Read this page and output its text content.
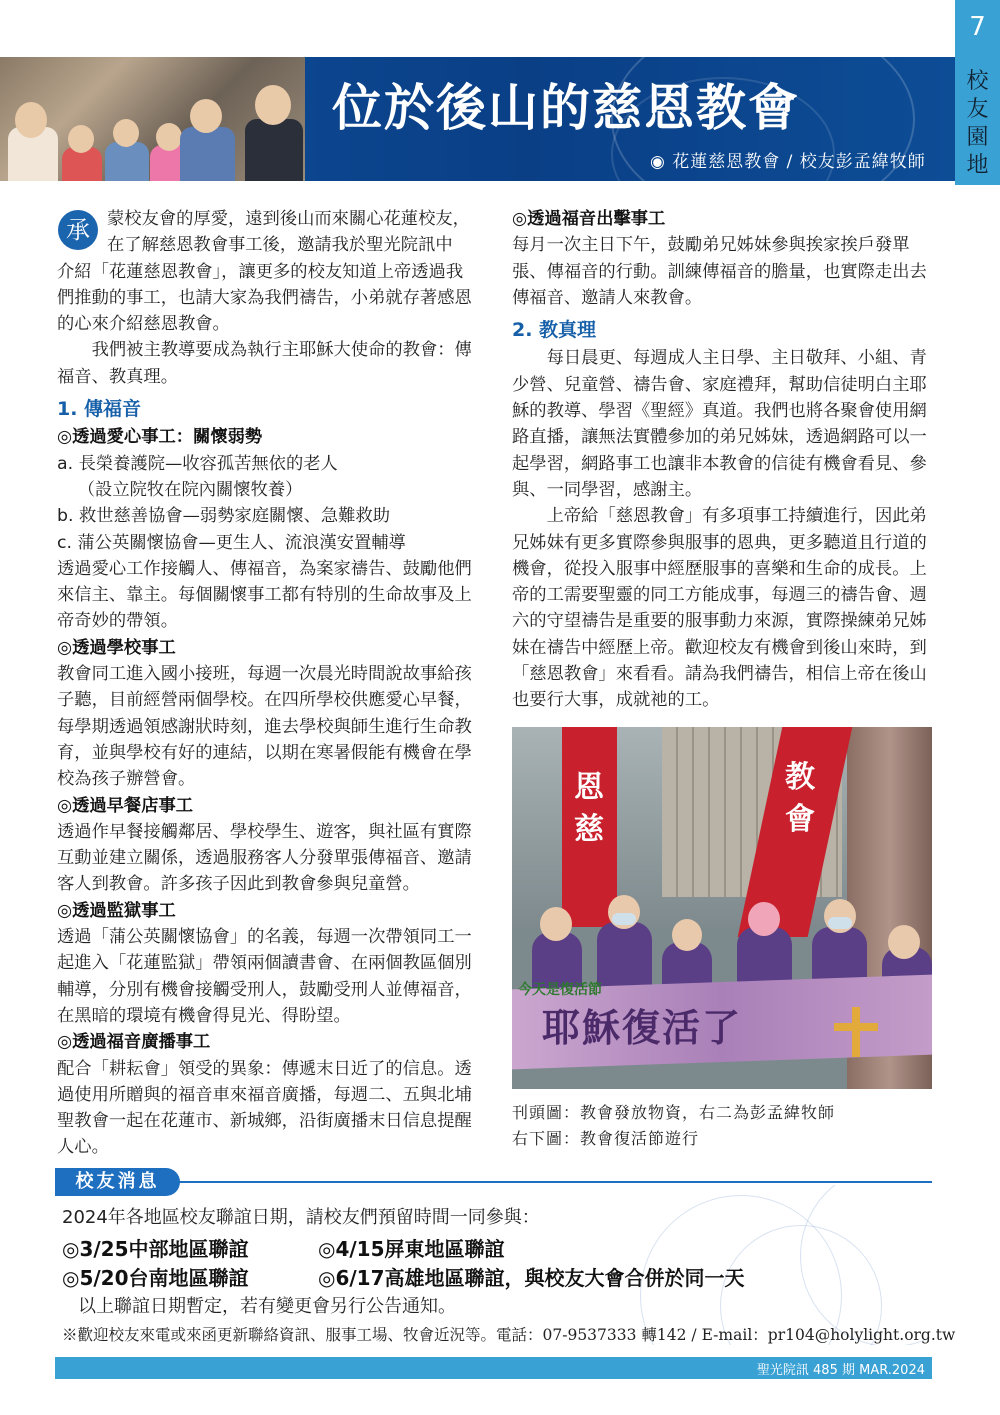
位於後山的慈恩教會
◉ 花蓮慈恩教會 / 校友彭孟緯牧師
7
校
友
園
地
承 蒙校友會的厚愛，遠到後山而來關心花蓮校友，

在了解慈恩教會事工後，邀請我於聖光院訊中

介紹「花蓮慈恩教會」，讓更多的校友知道上帝透過我們推動的事工，也請大家為我們禱告，小弟就存著感恩的心來介紹慈恩教會。

我們被主教導要成為執行主耶穌大使命的教會：傳福音、教真理。

1. 傳福音

◎透過愛心事工：關懷弱勢

a. 長榮養護院—收容孤苦無依的老人

（設立院牧在院內關懷牧養）

b. 救世慈善協會—弱勢家庭關懷、急難救助

c. 蒲公英關懷協會—更生人、流浪漢安置輔導

透過愛心工作接觸人、傳福音，為案家禱告、鼓勵他們來信主、靠主。每個關懷事工都有特別的生命故事及上帝奇妙的帶領。

◎透過學校事工

教會同工進入國小接班，每週一次晨光時間說故事給孩子聽，目前經營兩個學校。在四所學校供應愛心早餐，每學期透過領感謝狀時刻，進去學校與師生進行生命教育，並與學校有好的連結，以期在寒暑假能有機會在學校為孩子辦營會。

◎透過早餐店事工

透過作早餐接觸鄰居、學校學生、遊客，與社區有實際互動並建立關係，透過服務客人分發單張傳福音、邀請客人到教會。許多孩子因此到教會參與兒童營。

◎透過監獄事工

透過「蒲公英關懷協會」的名義，每週一次帶領同工一起進入「花蓮監獄」帶領兩個讀書會、在兩個教區個別輔導，分別有機會接觸受刑人，鼓勵受刑人並傳福音，在黑暗的環境有機會得見光、得盼望。

◎透過福音廣播事工

配合「耕耘會」領受的異象：傳遞末日近了的信息。透過使用所贈與的福音車來福音廣播，每週二、五與北埔聖教會一起在花蓮市、新城鄉，沿街廣播末日信息提醒人心。

◎透過福音出擊事工

每月一次主日下午，鼓勵弟兄姊妹參與挨家挨戶發單張、傳福音的行動。訓練傳福音的膽量，也實際走出去傳福音、邀請人來教會。

2. 教真理

每日晨更、每週成人主日學、主日敬拜、小組、青少營、兒童營、禱告會、家庭禮拜，幫助信徒明白主耶穌的教導、學習《聖經》真道。我們也將各聚會使用網路直播，讓無法實體參加的弟兄姊妹，透過網路可以一起學習，網路事工也讓非本教會的信徒有機會看見、參與、一同學習，感謝主。

上帝給「慈恩教會」有多項事工持續進行，因此弟兄姊妹有更多實際參與服事的恩典，更多聽道且行道的機會，從投入服事中經歷服事的喜樂和生命的成長。上帝的工需要聖靈的同工方能成事，每週三的禱告會、週六的守望禱告是重要的服事動力來源，實際操練弟兄姊妹在禱告中經歷上帝。歡迎校友有機會到後山來時，到「慈恩教會」來看看。請為我們禱告，相信上帝在後山也要行大事，成就祂的工。

恩
慈
教
會
今天是復活節
耶穌復活了

刊頭圖：教會發放物資，右二為彭孟緯牧師

右下圖：教會復活節遊行

校友消息
2024年各地區校友聯誼日期，請校友們預留時間一同參與：
◎3/25中部地區聯誼	◎4/15屏東地區聯誼
◎5/20台南地區聯誼	◎6/17高雄地區聯誼，與校友大會合併於同一天
以上聯誼日期暫定，若有變更會另行公告通知。
※歡迎校友來電或來函更新聯絡資訊、服事工場、牧會近況等。電話：07-9537333 轉142 / E-mail：pr104@holylight.org.tw
聖光院訊 485 期 MAR.2024
